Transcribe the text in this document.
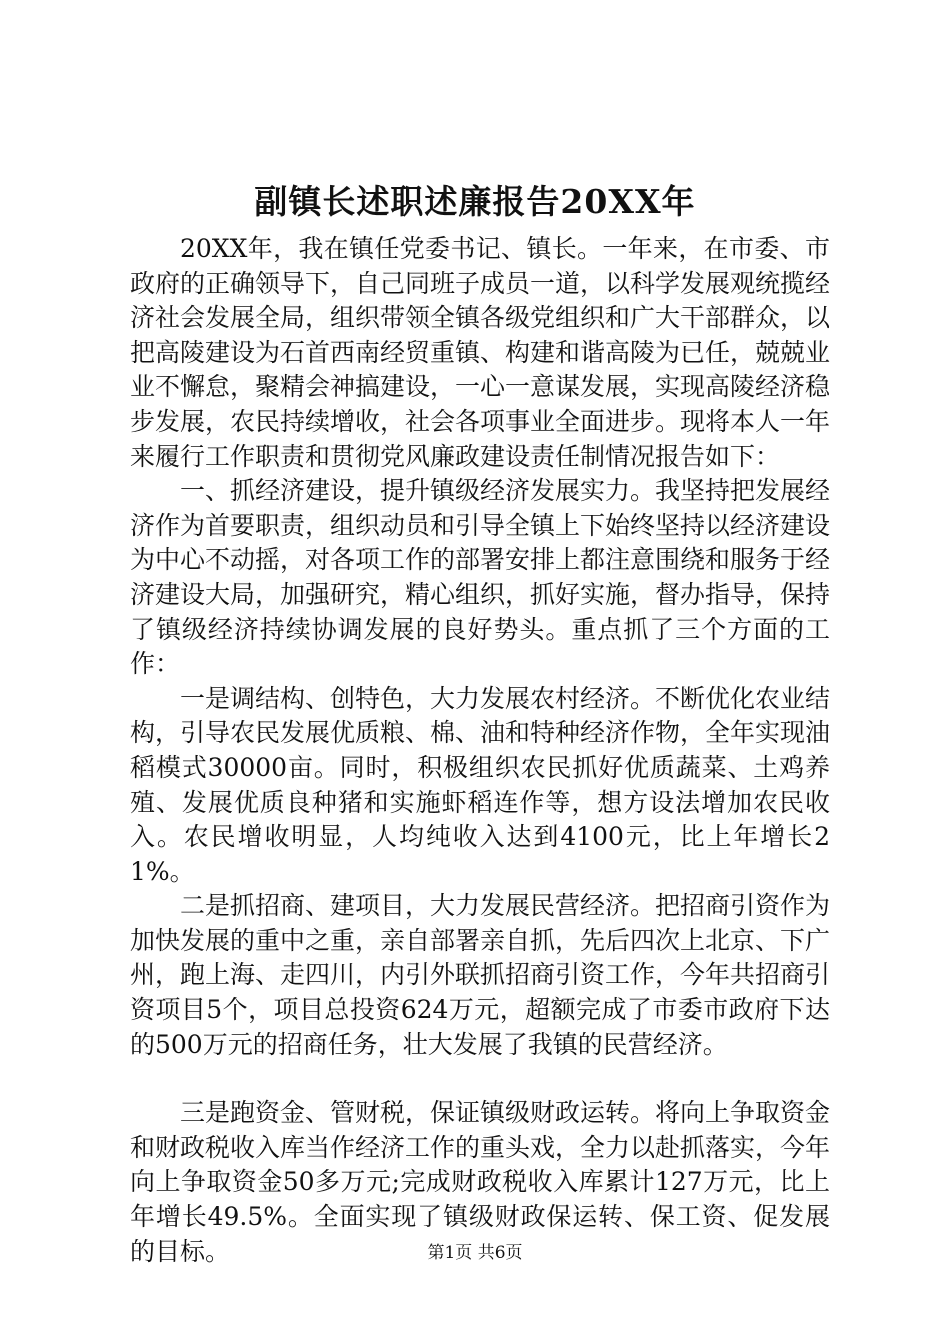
副镇长述职述廉报告20XX年

20XX年，我在镇任党委书记、镇长。一年来，在市委、市政府的正确领导下，自己同班子成员一道，以科学发展观统揽经济社会发展全局，组织带领全镇各级党组织和广大干部群众，以把高陵建设为石首西南经贸重镇、构建和谐高陵为已任，兢兢业业不懈怠，聚精会神搞建设，一心一意谋发展，实现高陵经济稳步发展，农民持续增收，社会各项事业全面进步。现将本人一年来履行工作职责和贯彻党风廉政建设责任制情况报告如下：

一、抓经济建设，提升镇级经济发展实力。我坚持把发展经济作为首要职责，组织动员和引导全镇上下始终坚持以经济建设为中心不动摇，对各项工作的部署安排上都注意围绕和服务于经济建设大局，加强研究，精心组织，抓好实施，督办指导，保持了镇级经济持续协调发展的良好势头。重点抓了三个方面的工作：

一是调结构、创特色，大力发展农村经济。不断优化农业结构，引导农民发展优质粮、棉、油和特种经济作物，全年实现油稻模式30000亩。同时，积极组织农民抓好优质蔬菜、土鸡养殖、发展优质良种猪和实施虾稻连作等，想方设法增加农民收入。农民增收明显，人均纯收入达到4100元，比上年增长21%。

二是抓招商、建项目，大力发展民营经济。把招商引资作为加快发展的重中之重，亲自部署亲自抓，先后四次上北京、下广州，跑上海、走四川，内引外联抓招商引资工作，今年共招商引资项目5个，项目总投资624万元，超额完成了市委市政府下达的500万元的招商任务，壮大发展了我镇的民营经济。

三是跑资金、管财税，保证镇级财政运转。将向上争取资金和财政税收入库当作经济工作的重头戏，全力以赴抓落实，今年向上争取资金50多万元;完成财政税收入库累计127万元，比上年增长49.5%。全面实现了镇级财政保运转、保工资、促发展的目标。	第1页 共6页
